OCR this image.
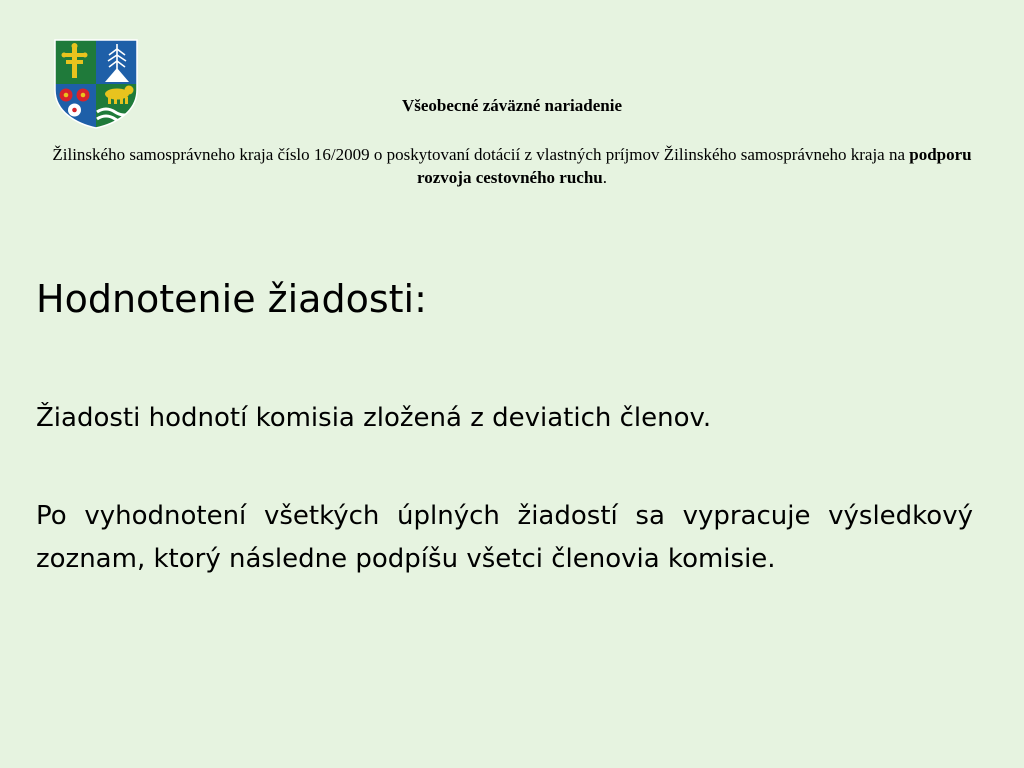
Všeobecné záväzné nariadenie
Žilinského samosprávneho kraja číslo 16/2009 o poskytovaní dotácií z vlastných príjmov Žilinského samosprávneho kraja na podporu rozvoja cestovného ruchu.
Hodnotenie žiadosti:
Žiadosti hodnotí komisia zložená z deviatich členov.
Po vyhodnotení všetkých úplných žiadostí sa vypracuje výsledkový zoznam, ktorý následne podpíšu všetci členovia komisie.
